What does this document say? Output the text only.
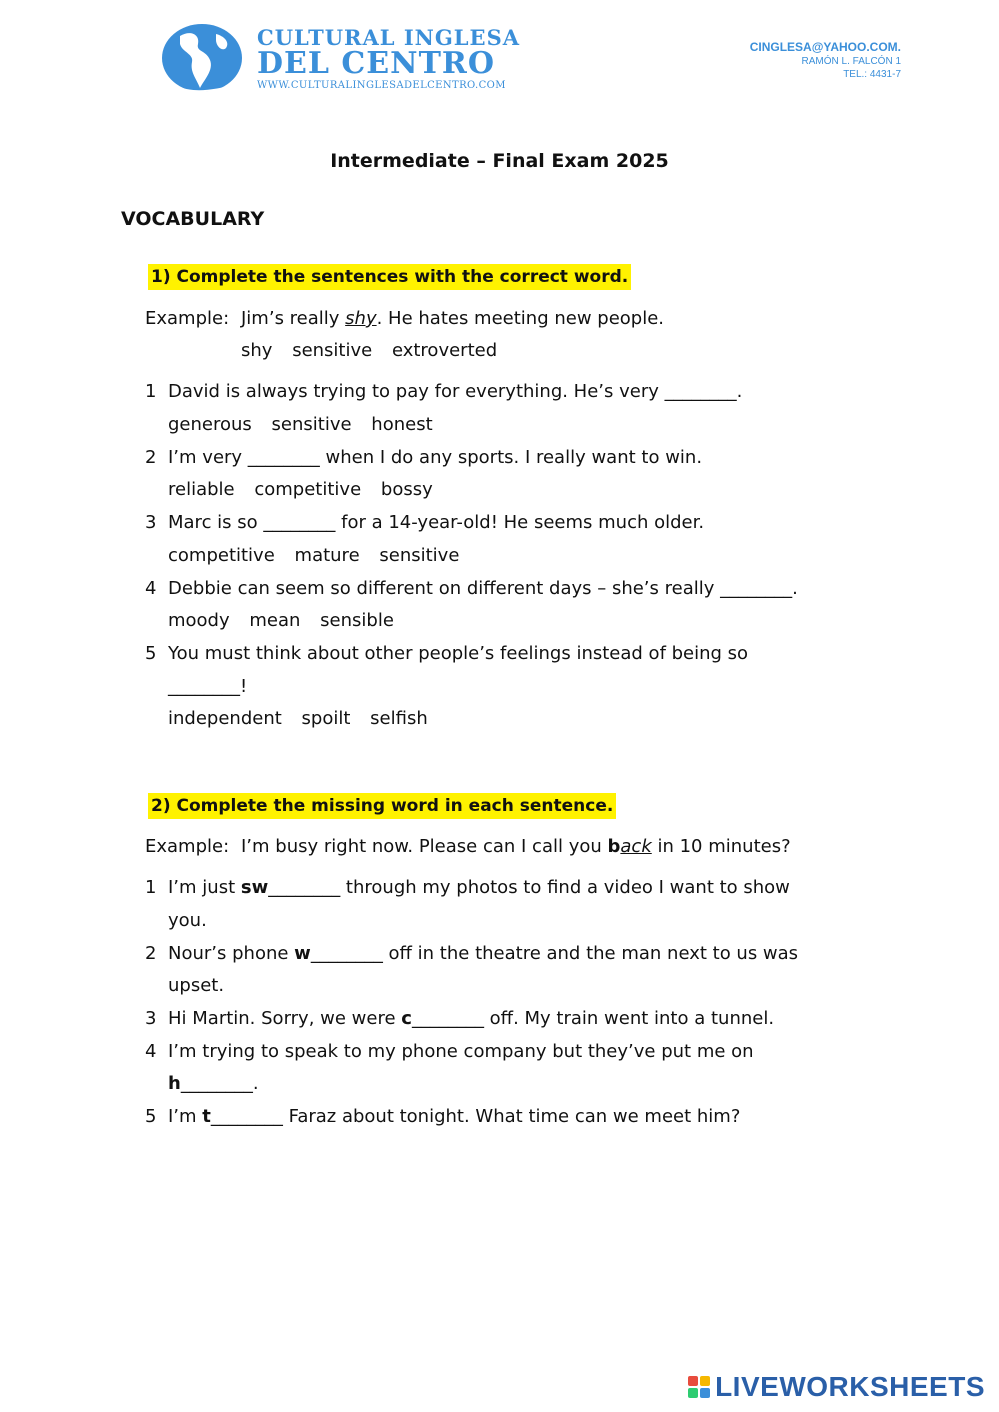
CULTURAL INGLESA
DEL CENTRO
WWW.CULTURALINGLESADELCENTRO.COM
CINGLESA@YAHOO.COM.
RAMÓN L. FALCÓN 1
TEL.: 4431-7
Intermediate – Final Exam 2025
VOCABULARY
1) Complete the sentences with the correct word.
Example: Jim’s really shy. He hates meeting new people.
shy sensitive extroverted
1 David is always trying to pay for everything. He’s very ________.
generous sensitive honest
2 I’m very ________ when I do any sports. I really want to win.
reliable competitive bossy
3 Marc is so ________ for a 14-year-old! He seems much older.
competitive mature sensitive
4 Debbie can seem so different on different days – she’s really ________.
moody mean sensible
5 You must think about other people’s feelings instead of being so
________!
independent spoilt selfish
2) Complete the missing word in each sentence.
Example: I’m busy right now. Please can I call you back in 10 minutes?
1 I’m just sw________ through my photos to find a video I want to show
you.
2 Nour’s phone w________ off in the theatre and the man next to us was
upset.
3 Hi Martin. Sorry, we were c________ off. My train went into a tunnel.
4 I’m trying to speak to my phone company but they’ve put me on
h________.
5 I’m t________ Faraz about tonight. What time can we meet him?
LIVEWORKSHEETS
